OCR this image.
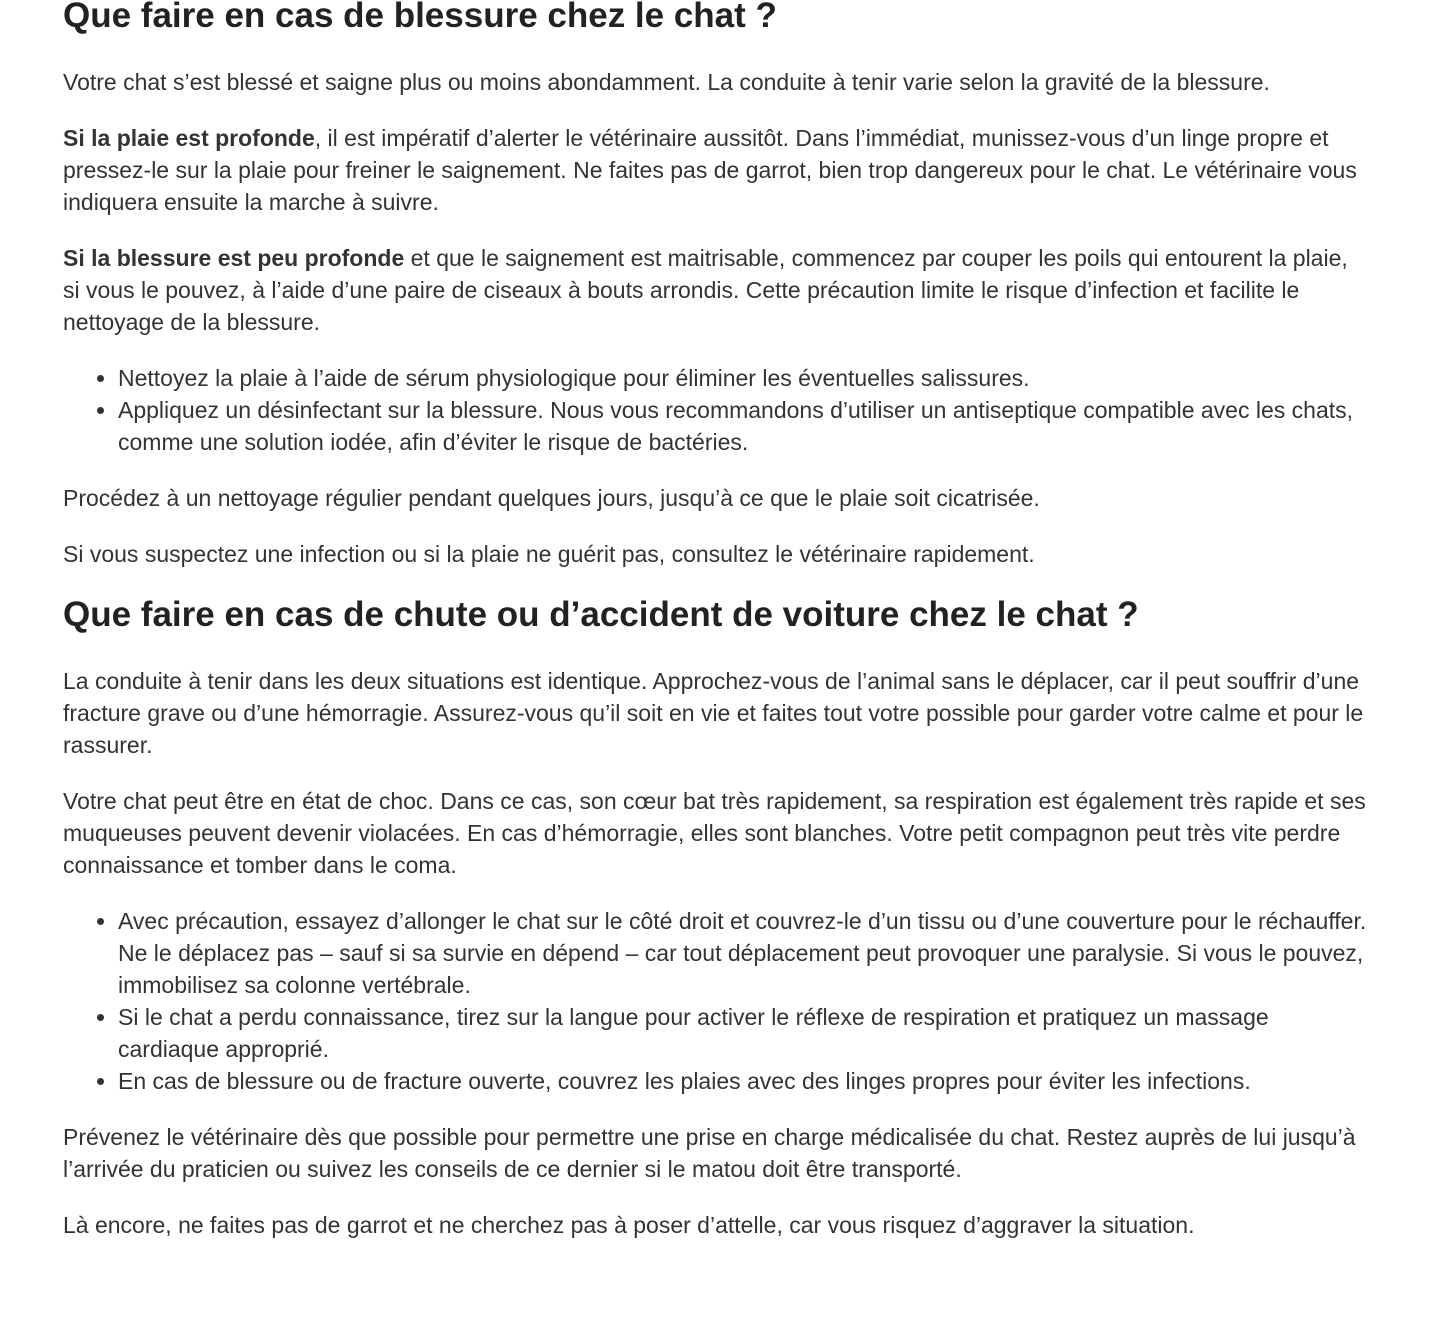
Que faire en cas de blessure chez le chat ?

Votre chat s’est blessé et saigne plus ou moins abondamment. La conduite à tenir varie selon la gravité de la blessure.

Si la plaie est profonde, il est impératif d’alerter le vétérinaire aussitôt. Dans l’immédiat, munissez-vous d’un linge propre et pressez-le sur la plaie pour freiner le saignement. Ne faites pas de garrot, bien trop dangereux pour le chat. Le vétérinaire vous indiquera ensuite la marche à suivre.

Si la blessure est peu profonde et que le saignement est maitrisable, commencez par couper les poils qui entourent la plaie, si vous le pouvez, à l’aide d’une paire de ciseaux à bouts arrondis. Cette précaution limite le risque d’infection et facilite le nettoyage de la blessure.

• Nettoyez la plaie à l’aide de sérum physiologique pour éliminer les éventuelles salissures.
• Appliquez un désinfectant sur la blessure. Nous vous recommandons d’utiliser un antiseptique compatible avec les chats, comme une solution iodée, afin d’éviter le risque de bactéries.

Procédez à un nettoyage régulier pendant quelques jours, jusqu’à ce que le plaie soit cicatrisée.

Si vous suspectez une infection ou si la plaie ne guérit pas, consultez le vétérinaire rapidement.

Que faire en cas de chute ou d’accident de voiture chez le chat ?

La conduite à tenir dans les deux situations est identique. Approchez-vous de l’animal sans le déplacer, car il peut souffrir d’une fracture grave ou d’une hémorragie. Assurez-vous qu’il soit en vie et faites tout votre possible pour garder votre calme et pour le rassurer.

Votre chat peut être en état de choc. Dans ce cas, son cœur bat très rapidement, sa respiration est également très rapide et ses muqueuses peuvent devenir violacées. En cas d’hémorragie, elles sont blanches. Votre petit compagnon peut très vite perdre connaissance et tomber dans le coma.

• Avec précaution, essayez d’allonger le chat sur le côté droit et couvrez-le d’un tissu ou d’une couverture pour le réchauffer. Ne le déplacez pas – sauf si sa survie en dépend – car tout déplacement peut provoquer une paralysie. Si vous le pouvez, immobilisez sa colonne vertébrale.
• Si le chat a perdu connaissance, tirez sur la langue pour activer le réflexe de respiration et pratiquez un massage cardiaque approprié.
• En cas de blessure ou de fracture ouverte, couvrez les plaies avec des linges propres pour éviter les infections.

Prévenez le vétérinaire dès que possible pour permettre une prise en charge médicalisée du chat. Restez auprès de lui jusqu’à l’arrivée du praticien ou suivez les conseils de ce dernier si le matou doit être transporté.

Là encore, ne faites pas de garrot et ne cherchez pas à poser d’attelle, car vous risquez d’aggraver la situation.
